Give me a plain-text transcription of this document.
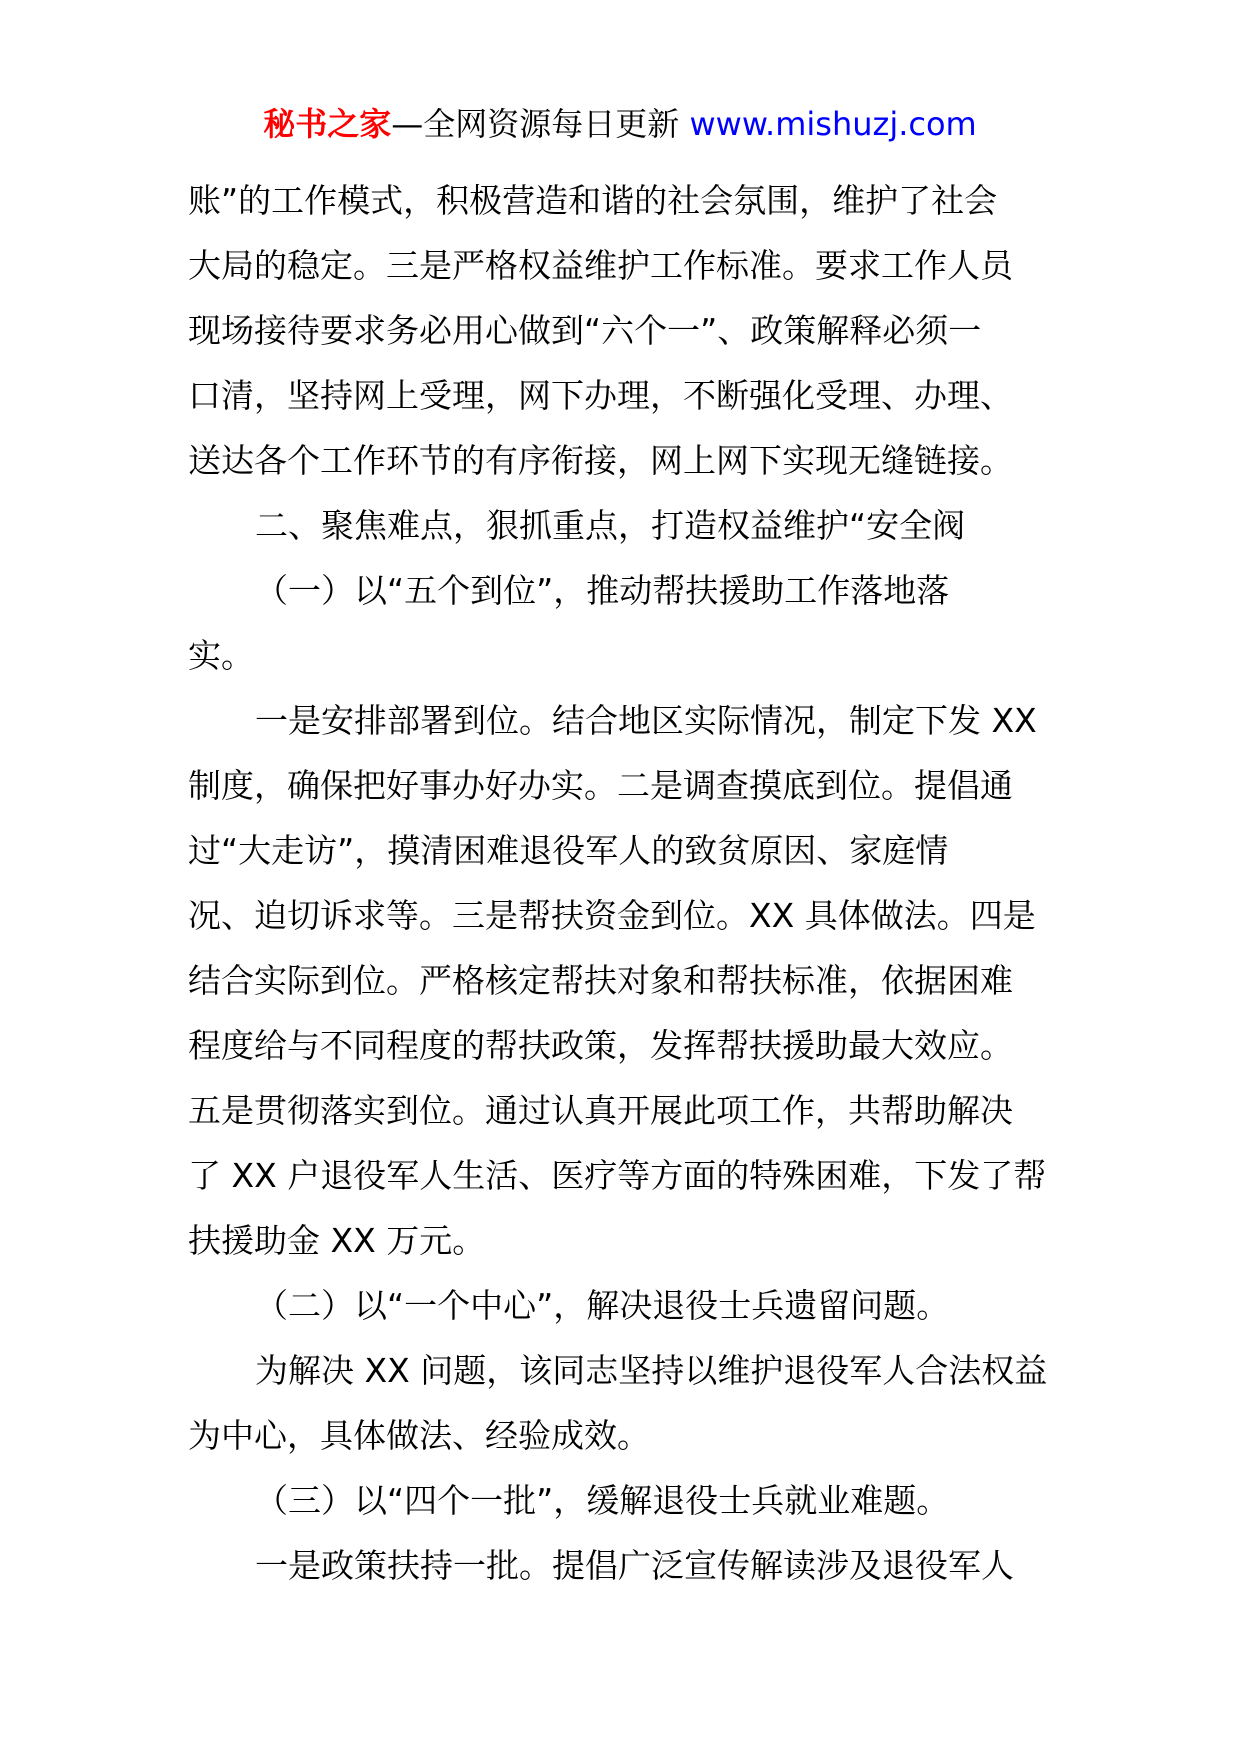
秘书之家—全网资源每日更新 www.mishuzj.com
账”的工作模式，积极营造和谐的社会氛围，维护了社会
大局的稳定。三是严格权益维护工作标准。要求工作人员
现场接待要求务必用心做到“六个一”、政策解释必须一
口清，坚持网上受理，网下办理，不断强化受理、办理、
送达各个工作环节的有序衔接，网上网下实现无缝链接。
二、聚焦难点，狠抓重点，打造权益维护“安全阀
（一）以“五个到位”，推动帮扶援助工作落地落
实。
一是安排部署到位。结合地区实际情况，制定下发 XX
制度，确保把好事办好办实。二是调查摸底到位。提倡通
过“大走访”，摸清困难退役军人的致贫原因、家庭情
况、迫切诉求等。三是帮扶资金到位。XX 具体做法。四是
结合实际到位。严格核定帮扶对象和帮扶标准，依据困难
程度给与不同程度的帮扶政策，发挥帮扶援助最大效应。
五是贯彻落实到位。通过认真开展此项工作，共帮助解决
了 XX 户退役军人生活、医疗等方面的特殊困难，下发了帮
扶援助金 XX 万元。
（二）以“一个中心”，解决退役士兵遗留问题。
为解决 XX 问题，该同志坚持以维护退役军人合法权益
为中心，具体做法、经验成效。
（三）以“四个一批”，缓解退役士兵就业难题。
一是政策扶持一批。提倡广泛宣传解读涉及退役军人
